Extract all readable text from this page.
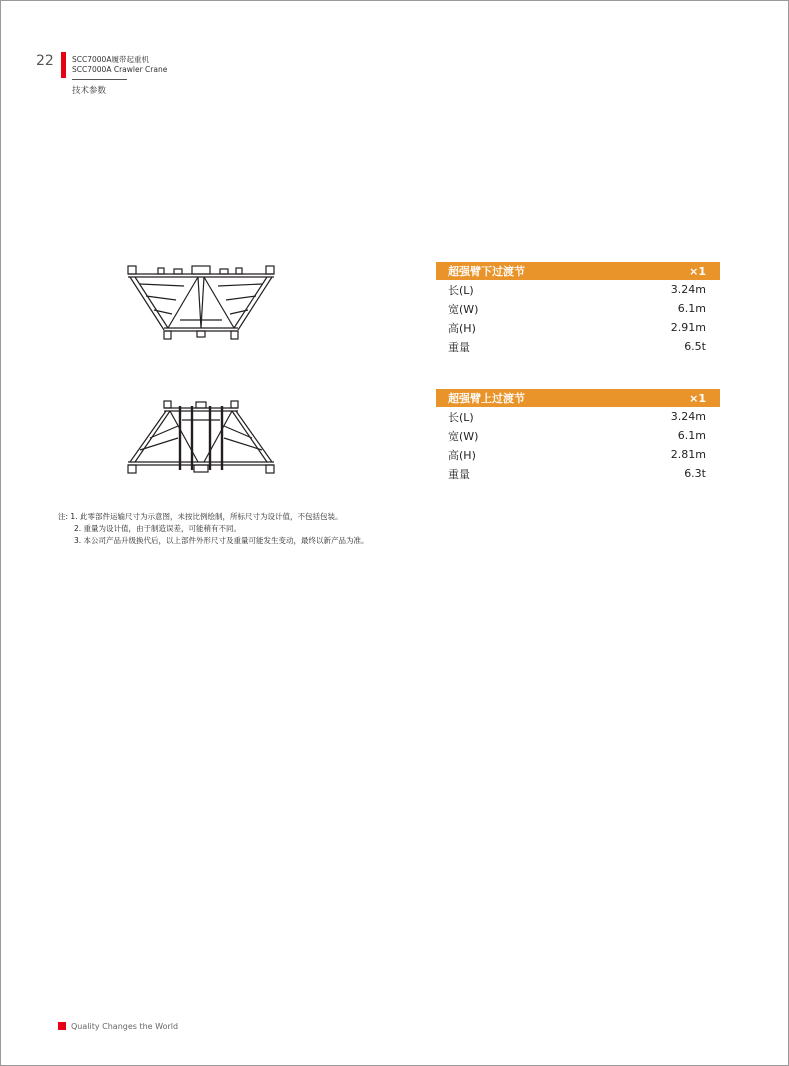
22 SCC7000A履带起重机
SCC7000A Crawler Crane
技术参数
超强臂下过渡节	×1
长(L)	3.24m
宽(W)	6.1m
高(H)	2.91m
重量	6.5t
超强臂上过渡节	×1
长(L)	3.24m
宽(W)	6.1m
高(H)	2.81m
重量	6.3t
注: 1. 此零部件运输尺寸为示意图，未按比例绘制，所标尺寸为设计值，不包括包装。
2. 重量为设计值，由于制造误差，可能稍有不同。
3. 本公司产品升级换代后，以上部件外形尺寸及重量可能发生变动，最终以新产品为准。
Quality Changes the World
